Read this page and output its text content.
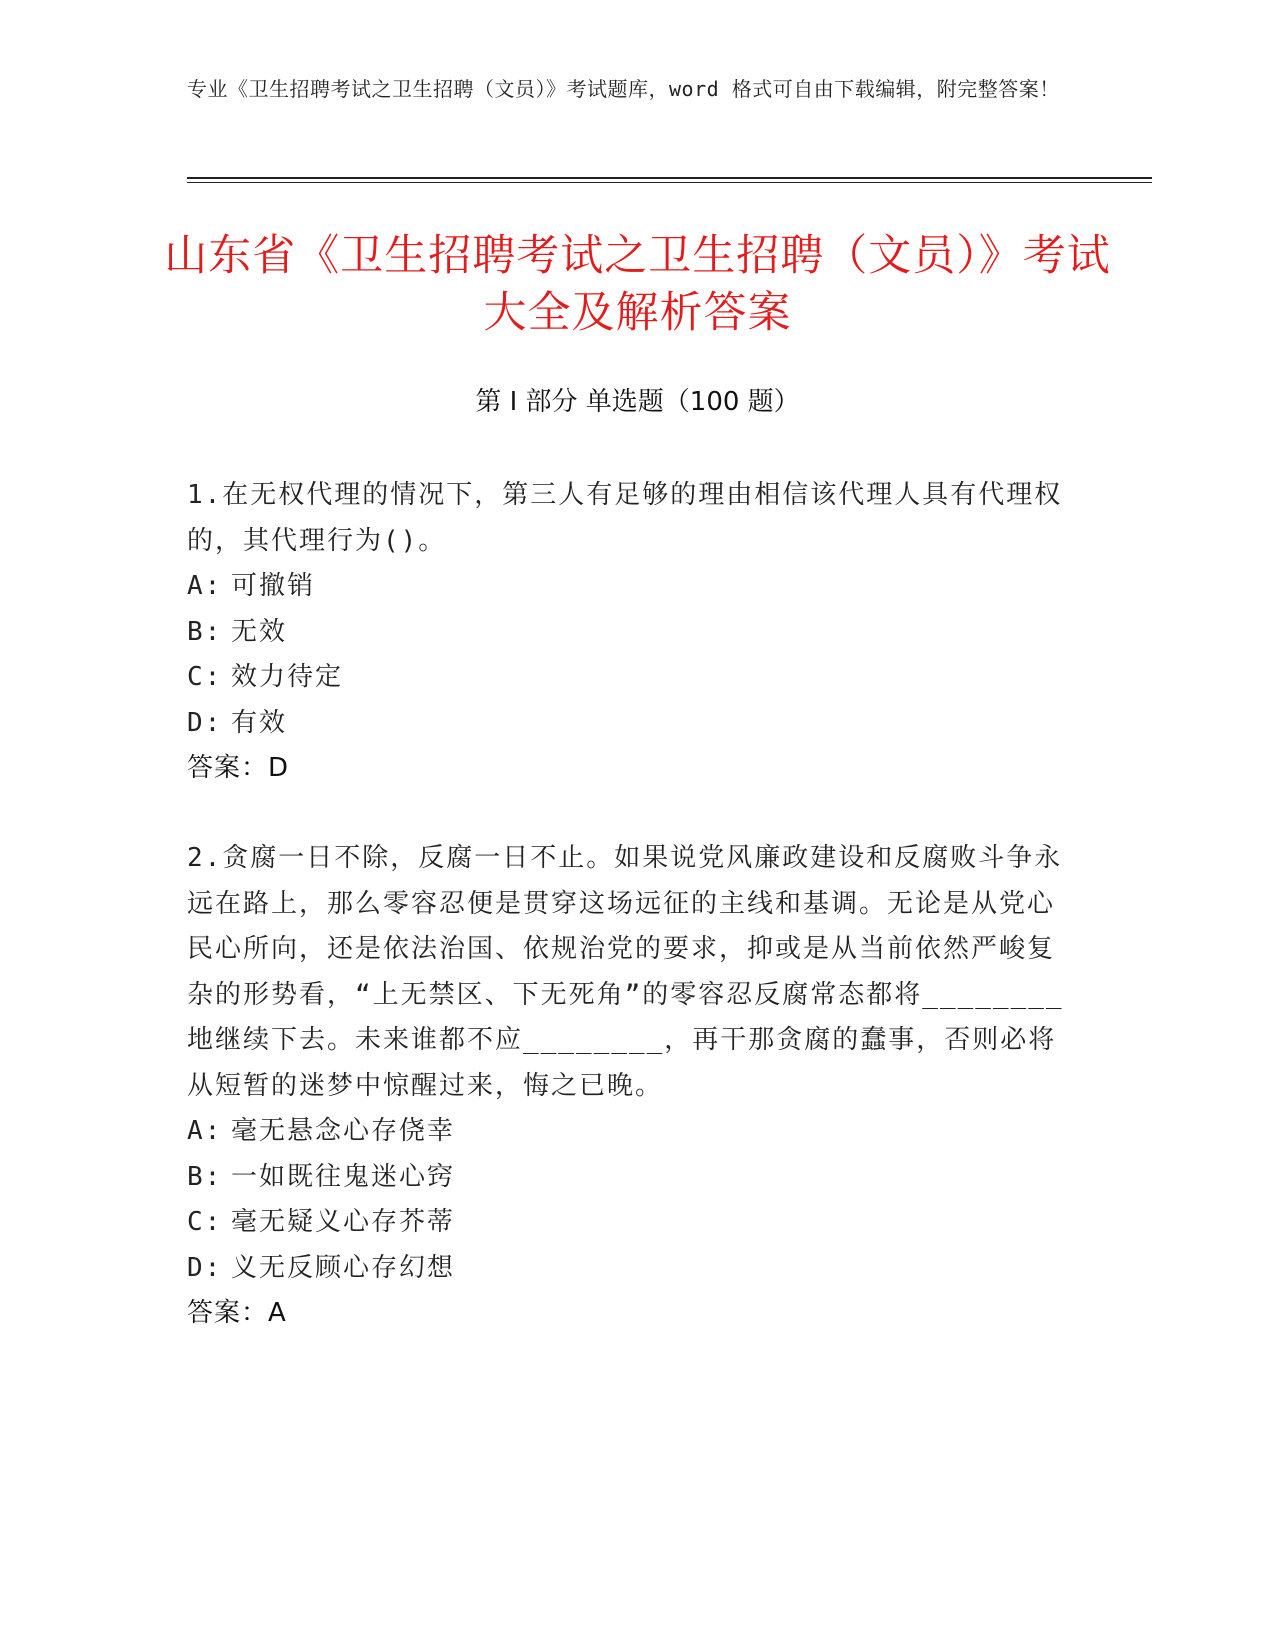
专业《卫生招聘考试之卫生招聘（文员）》考试题库，word 格式可自由下载编辑，附完整答案！
山东省《卫生招聘考试之卫生招聘（文员）》考试大全及解析答案
第 I 部分 单选题（100 题）

1.在无权代理的情况下，第三人有足够的理由相信该代理人具有代理权的，其代理行为()。

A: 可撤销

B: 无效

C: 效力待定

D: 有效

答案：D

2.贪腐一日不除，反腐一日不止。如果说党风廉政建设和反腐败斗争永远在路上，那么零容忍便是贯穿这场远征的主线和基调。无论是从党心民心所向，还是依法治国、依规治党的要求，抑或是从当前依然严峻复杂的形势看，“上无禁区、下无死角”的零容忍反腐常态都将________地继续下去。未来谁都不应________，再干那贪腐的蠢事，否则必将从短暂的迷梦中惊醒过来，悔之已晚。

A: 毫无悬念心存侥幸

B: 一如既往鬼迷心窍

C: 毫无疑义心存芥蒂

D: 义无反顾心存幻想

答案：A
